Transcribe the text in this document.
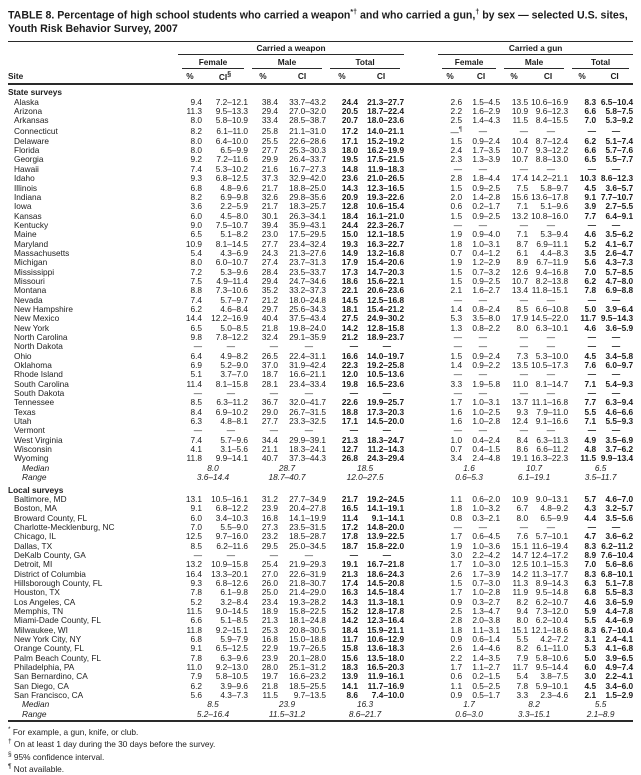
TABLE 8. Percentage of high school students who carried a weapon*† and who carried a gun,† by sex — selected U.S. sites, Youth Risk Behavior Survey, 2007
Site	Carried a weapon							Carried a gun					

	Female		Male		Total			Female		Male		Total	

	%	CI§	%	CI	%	CI		%	CI	%	CI	%	CI
State surveys													
Alaska	9.4	7.2–12.1	38.4	33.7–43.2	24.4	21.3–27.7		2.6	1.5–4.5	13.5	10.6–16.9	8.3	6.5–10.4
Arizona	11.3	9.5–13.3	29.4	27.0–32.0	20.5	18.7–22.4		2.2	1.6–2.9	10.9	9.6–12.3	6.6	5.8–7.5
Arkansas	8.0	5.8–10.9	33.4	28.5–38.7	20.7	18.0–23.6		2.5	1.4–4.3	11.5	8.4–15.5	7.0	5.3–9.2
Connecticut	8.2	6.1–11.0	25.8	21.1–31.0	17.2	14.0–21.1		—¶	—	—	—	—	—
Delaware	8.0	6.4–10.0	25.5	22.6–28.6	17.1	15.2–19.2		1.5	0.9–2.4	10.4	8.7–12.4	6.2	5.1–7.4
Florida	8.0	6.5–9.9	27.7	25.3–30.3	18.0	16.2–19.9		2.4	1.7–3.5	10.7	9.3–12.2	6.6	5.7–7.6
Georgia	9.2	7.2–11.6	29.9	26.4–33.7	19.5	17.5–21.5		2.3	1.3–3.9	10.7	8.8–13.0	6.5	5.5–7.7
Hawaii	7.4	5.3–10.2	21.6	16.7–27.3	14.8	11.9–18.3		—	—	—	—	—	—
Idaho	9.3	6.8–12.5	37.3	32.9–42.0	23.6	21.0–26.5		2.8	1.8–4.4	17.4	14.2–21.1	10.3	8.6–12.3
Illinois	6.8	4.8–9.6	21.7	18.8–25.0	14.3	12.3–16.5		1.5	0.9–2.5	7.5	5.8–9.7	4.5	3.6–5.7
Indiana	8.2	6.9–9.8	32.6	29.8–35.6	20.9	19.3–22.6		2.0	1.4–2.8	15.6	13.6–17.8	9.1	7.7–10.7
Iowa	3.6	2.2–5.9	21.7	18.3–25.7	12.8	10.6–15.4		0.6	0.2–1.7	7.1	5.1–9.6	3.9	2.7–5.5
Kansas	6.0	4.5–8.0	30.1	26.3–34.1	18.4	16.1–21.0		1.5	0.9–2.5	13.2	10.8–16.0	7.7	6.4–9.1
Kentucky	9.0	7.5–10.7	39.4	35.9–43.1	24.4	22.3–26.7		—	—	—	—	—	—
Maine	6.5	5.1–8.2	23.0	17.5–29.5	15.0	12.1–18.5		1.9	0.9–4.0	7.1	5.3–9.4	4.6	3.5–6.2
Maryland	10.9	8.1–14.5	27.7	23.4–32.4	19.3	16.3–22.7		1.8	1.0–3.1	8.7	6.9–11.1	5.2	4.1–6.7
Massachusetts	5.4	4.3–6.9	24.3	21.3–27.6	14.9	13.2–16.8		0.7	0.4–1.2	6.1	4.4–8.3	3.5	2.6–4.7
Michigan	8.0	6.0–10.7	27.4	23.7–31.3	17.9	15.4–20.6		1.9	1.2–2.9	8.9	6.7–11.9	5.6	4.3–7.3
Mississippi	7.2	5.3–9.6	28.4	23.5–33.7	17.3	14.7–20.3		1.5	0.7–3.2	12.6	9.4–16.8	7.0	5.7–8.5
Missouri	7.5	4.9–11.4	29.4	24.7–34.6	18.6	15.6–22.1		1.5	0.9–2.5	10.7	8.2–13.8	6.2	4.7–8.0
Montana	8.8	7.3–10.6	35.2	33.2–37.3	22.1	20.6–23.6		2.1	1.6–2.7	13.4	11.8–15.1	7.8	6.9–8.8
Nevada	7.4	5.7–9.7	21.2	18.0–24.8	14.5	12.5–16.8		—	—	—	—	—	—
New Hampshire	6.2	4.6–8.4	29.7	25.6–34.3	18.1	15.4–21.2		1.4	0.8–2.4	8.5	6.6–10.8	5.0	3.9–6.4
New Mexico	14.4	12.2–16.9	40.4	37.5–43.4	27.5	24.9–30.2		5.3	3.5–8.0	17.9	14.5–22.0	11.7	9.5–14.3
New York	6.5	5.0–8.5	21.8	19.8–24.0	14.2	12.8–15.8		1.3	0.8–2.2	8.0	6.3–10.1	4.6	3.6–5.9
North Carolina	9.8	7.8–12.2	32.4	29.1–35.9	21.2	18.9–23.7		—	—	—	—	—	—
North Dakota	—	—	—	—	—	—		—	—	—	—	—	—
Ohio	6.4	4.9–8.2	26.5	22.4–31.1	16.6	14.0–19.7		1.5	0.9–2.4	7.3	5.3–10.0	4.5	3.4–5.8
Oklahoma	6.9	5.2–9.0	37.0	31.9–42.4	22.3	19.2–25.8		1.4	0.9–2.2	13.5	10.5–17.3	7.6	6.0–9.7
Rhode Island	5.1	3.7–7.0	18.7	16.6–21.1	12.0	10.5–13.6		—	—	—	—	—	—
South Carolina	11.4	8.1–15.8	28.1	23.4–33.4	19.8	16.5–23.6		3.3	1.9–5.8	11.0	8.1–14.7	7.1	5.4–9.3
South Dakota	—	—	—	—	—	—		—	—	—	—	—	—
Tennessee	8.5	6.3–11.2	36.7	32.0–41.7	22.6	19.9–25.7		1.7	1.0–3.1	13.7	11.1–16.8	7.7	6.3–9.4
Texas	8.4	6.9–10.2	29.0	26.7–31.5	18.8	17.3–20.3		1.6	1.0–2.5	9.3	7.9–11.0	5.5	4.6–6.6
Utah	6.3	4.8–8.1	27.7	23.3–32.5	17.1	14.5–20.0		1.6	1.0–2.8	12.4	9.1–16.6	7.1	5.5–9.3
Vermont	—	—	—	—	—	—		—	—	—	—	—	—
West Virginia	7.4	5.7–9.6	34.4	29.9–39.1	21.3	18.3–24.7		1.0	0.4–2.4	8.4	6.3–11.3	4.9	3.5–6.9
Wisconsin	4.1	3.1–5.6	21.1	18.3–24.1	12.7	11.2–14.3		0.7	0.4–1.5	8.6	6.6–11.2	4.8	3.7–6.2
Wyoming	11.8	9.9–14.1	40.7	37.3–44.3	26.8	24.3–29.4		3.4	2.4–4.8	19.1	16.3–22.3	11.5	9.9–13.4
Median	8.0		28.7		18.5			1.6		10.7		6.5	
Range	3.6–14.4		18.7–40.7		12.0–27.5			0.6–5.3		6.1–19.1		3.5–11.7	
Local surveys													
Baltimore, MD	13.1	10.5–16.1	31.2	27.7–34.9	21.7	19.2–24.5		1.1	0.6–2.0	10.9	9.0–13.1	5.7	4.6–7.0
Boston, MA	9.1	6.8–12.2	23.9	20.4–27.8	16.5	14.1–19.1		1.8	1.0–3.2	6.7	4.8–9.2	4.3	3.2–5.7
Broward County, FL	6.0	3.4–10.3	16.8	14.1–19.9	11.4	9.1–14.1		0.8	0.3–2.1	8.0	6.5–9.9	4.4	3.5–5.6
Charlotte-Mecklenburg, NC	7.0	5.5–9.0	27.3	23.5–31.5	17.2	14.8–20.0		—	—	—	—	—	—
Chicago, IL	12.5	9.7–16.0	23.2	18.5–28.7	17.8	13.9–22.5		1.7	0.6–4.5	7.6	5.7–10.1	4.7	3.6–6.2
Dallas, TX	8.5	6.2–11.6	29.5	25.0–34.5	18.7	15.8–22.0		1.9	1.0–3.6	15.1	11.6–19.4	8.3	6.2–11.2
DeKalb County, GA	—	—	—	—	—	—		3.0	2.2–4.2	14.7	12.4–17.2	8.9	7.6–10.4
Detroit, MI	13.2	10.9–15.8	25.4	21.9–29.3	19.1	16.7–21.8		1.7	1.0–3.0	12.5	10.1–15.3	7.0	5.6–8.6
District of Columbia	16.4	13.3–20.1	27.0	22.6–31.9	21.3	18.6–24.3		2.6	1.7–3.9	14.2	11.3–17.7	8.3	6.8–10.1
Hillsborough County, FL	9.3	6.8–12.6	26.0	21.8–30.7	17.4	14.5–20.8		1.5	0.7–3.0	11.3	8.9–14.3	6.3	5.1–7.8
Houston, TX	7.8	6.1–9.8	25.0	21.4–29.0	16.3	14.5–18.4		1.7	1.0–2.8	11.9	9.5–14.8	6.8	5.5–8.3
Los Angeles, CA	5.2	3.2–8.4	23.4	19.3–28.2	14.3	11.3–18.1		0.9	0.3–2.7	8.2	6.2–10.7	4.6	3.6–5.9
Memphis, TN	11.5	9.0–14.5	18.9	15.8–22.5	15.2	12.8–17.8		2.5	1.3–4.7	9.4	7.3–12.0	5.9	4.4–7.8
Miami-Dade County, FL	6.6	5.1–8.5	21.3	18.1–24.8	14.2	12.3–16.4		2.8	2.0–3.8	8.0	6.2–10.4	5.5	4.4–6.9
Milwaukee, WI	11.8	9.2–15.1	25.3	20.8–30.5	18.4	15.9–21.1		1.8	1.1–3.1	15.1	12.1–18.6	8.3	6.7–10.4
New York City, NY	6.8	5.9–7.9	16.8	15.0–18.8	11.7	10.6–12.9		0.9	0.6–1.4	5.5	4.2–7.2	3.1	2.4–4.1
Orange County, FL	9.1	6.5–12.5	22.9	19.7–26.5	15.8	13.6–18.3		2.6	1.4–4.6	8.2	6.1–11.0	5.3	4.1–6.8
Palm Beach County, FL	7.8	6.3–9.6	23.9	20.1–28.0	15.6	13.5–18.0		2.2	1.4–3.5	7.9	5.8–10.6	5.0	3.9–6.5
Philadelphia, PA	11.0	9.2–13.0	28.0	25.1–31.2	18.3	16.5–20.3		1.7	1.1–2.7	11.7	9.5–14.4	6.0	4.9–7.4
San Bernardino, CA	7.9	5.8–10.5	19.7	16.6–23.2	13.9	11.9–16.1		0.6	0.2–1.5	5.4	3.8–7.5	3.0	2.2–4.1
San Diego, CA	6.2	3.9–9.6	21.8	18.5–25.5	14.1	11.7–16.9		1.1	0.5–2.5	7.8	5.9–10.1	4.5	3.4–6.0
San Francisco, CA	5.6	4.3–7.3	11.5	9.7–13.5	8.6	7.4–10.0		0.9	0.5–1.7	3.3	2.3–4.6	2.1	1.5–2.9
Median	8.5		23.9		16.3			1.7		8.2		5.5	
Range	5.2–16.4		11.5–31.2		8.6–21.7			0.6–3.0		3.3–15.1		2.1–8.9	
* For example, a gun, knife, or club.
† On at least 1 day during the 30 days before the survey.
§ 95% confidence interval.
¶ Not available.
